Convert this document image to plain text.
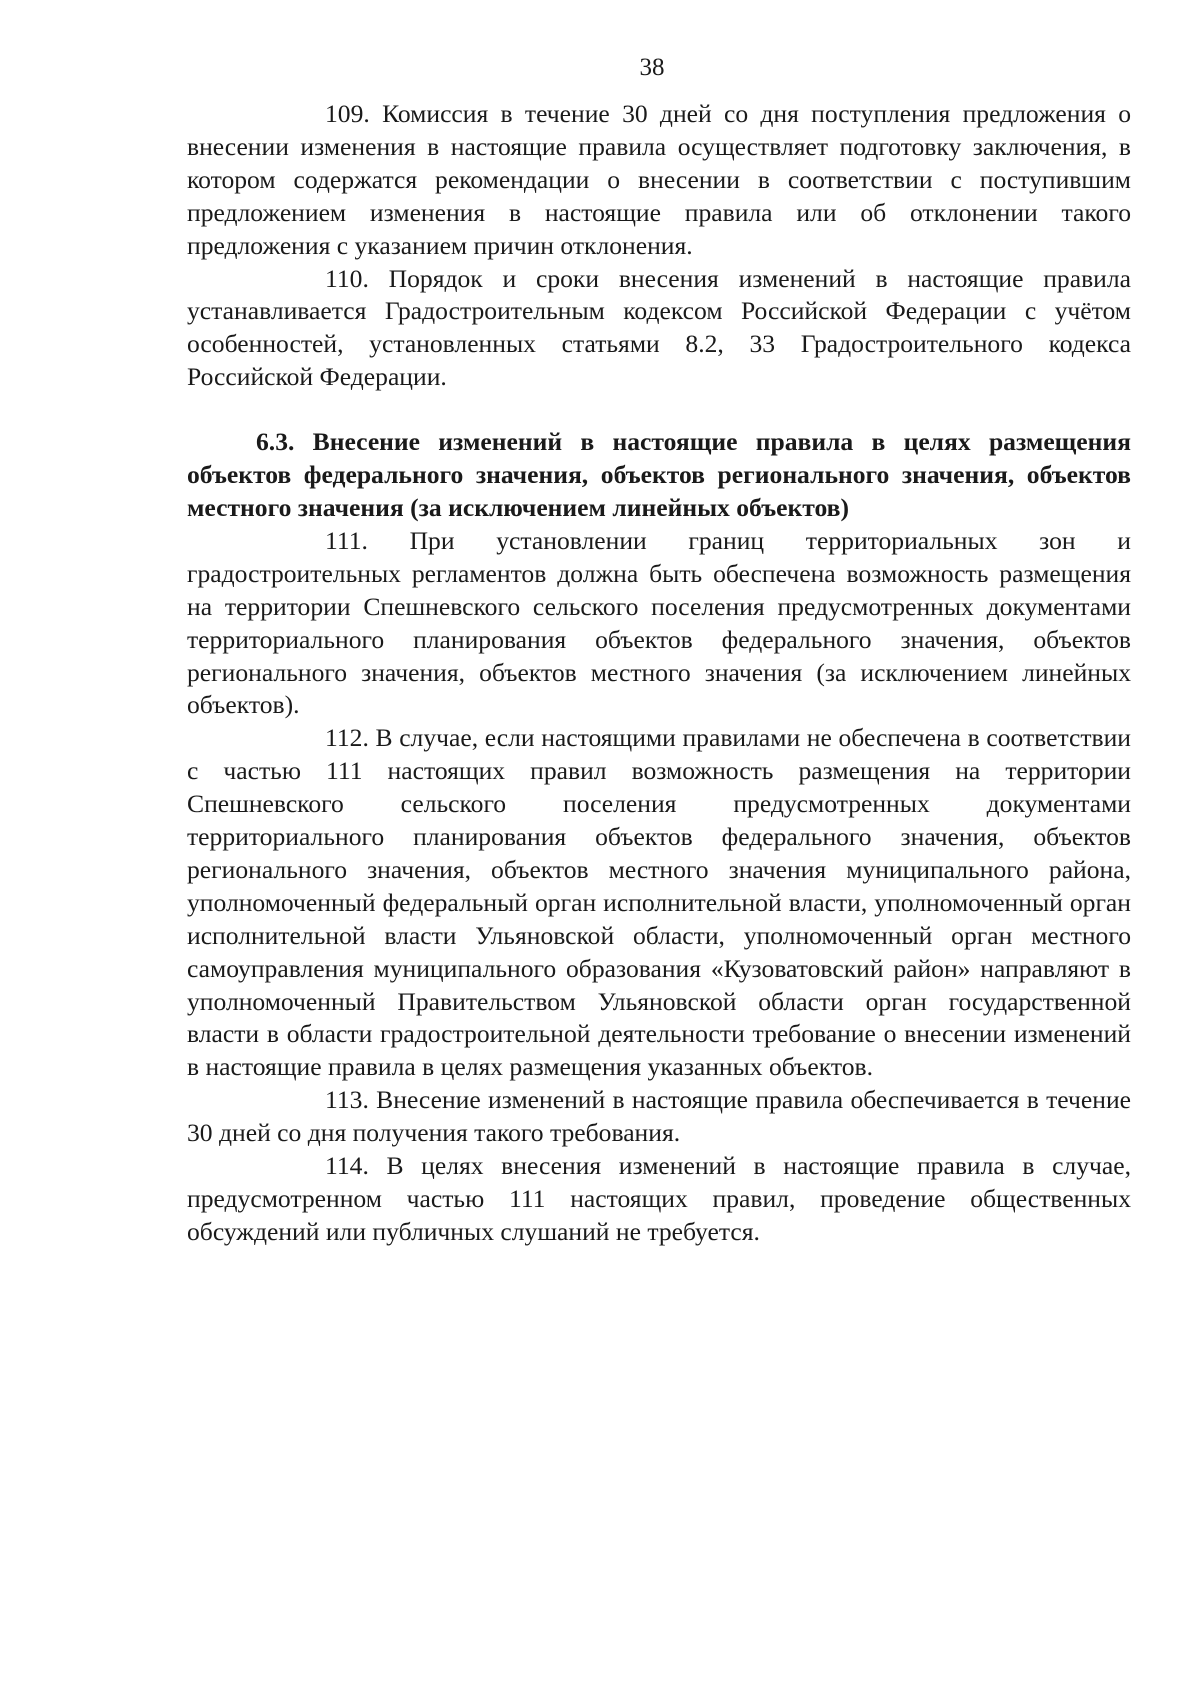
38

109. Комиссия в течение 30 дней со дня поступления предложения о внесении изменения в настоящие правила осуществляет подготовку заключения, в котором содержатся рекомендации о внесении в соответствии с поступившим предложением изменения в настоящие правила или об отклонении такого предложения с указанием причин отклонения.

110. Порядок и сроки внесения изменений в настоящие правила устанавливается Градостроительным кодексом Российской Федерации с учётом особенностей, установленных статьями 8.2, 33 Градостроительного кодекса Российской Федерации.

6.3. Внесение изменений в настоящие правила в целях размещения объектов федерального значения, объектов регионального значения, объектов местного значения (за исключением линейных объектов)

111. При установлении границ территориальных зон и градостроительных регламентов должна быть обеспечена возможность размещения на территории Спешневского сельского поселения предусмотренных документами территориального планирования объектов федерального значения, объектов регионального значения, объектов местного значения (за исключением линейных объектов).

112. В случае, если настоящими правилами не обеспечена в соответствии с частью 111 настоящих правил возможность размещения на территории Спешневского сельского поселения предусмотренных документами территориального планирования объектов федерального значения, объектов регионального значения, объектов местного значения муниципального района, уполномоченный федеральный орган исполнительной власти, уполномоченный орган исполнительной власти Ульяновской области, уполномоченный орган местного самоуправления муниципального образования «Кузоватовский район» направляют в уполномоченный Правительством Ульяновской области орган государственной власти в области градостроительной деятельности требование о внесении изменений в настоящие правила в целях размещения указанных объектов.

113. Внесение изменений в настоящие правила обеспечивается в течение 30 дней со дня получения такого требования.

114. В целях внесения изменений в настоящие правила в случае, предусмотренном частью 111 настоящих правил, проведение общественных обсуждений или публичных слушаний не требуется.
